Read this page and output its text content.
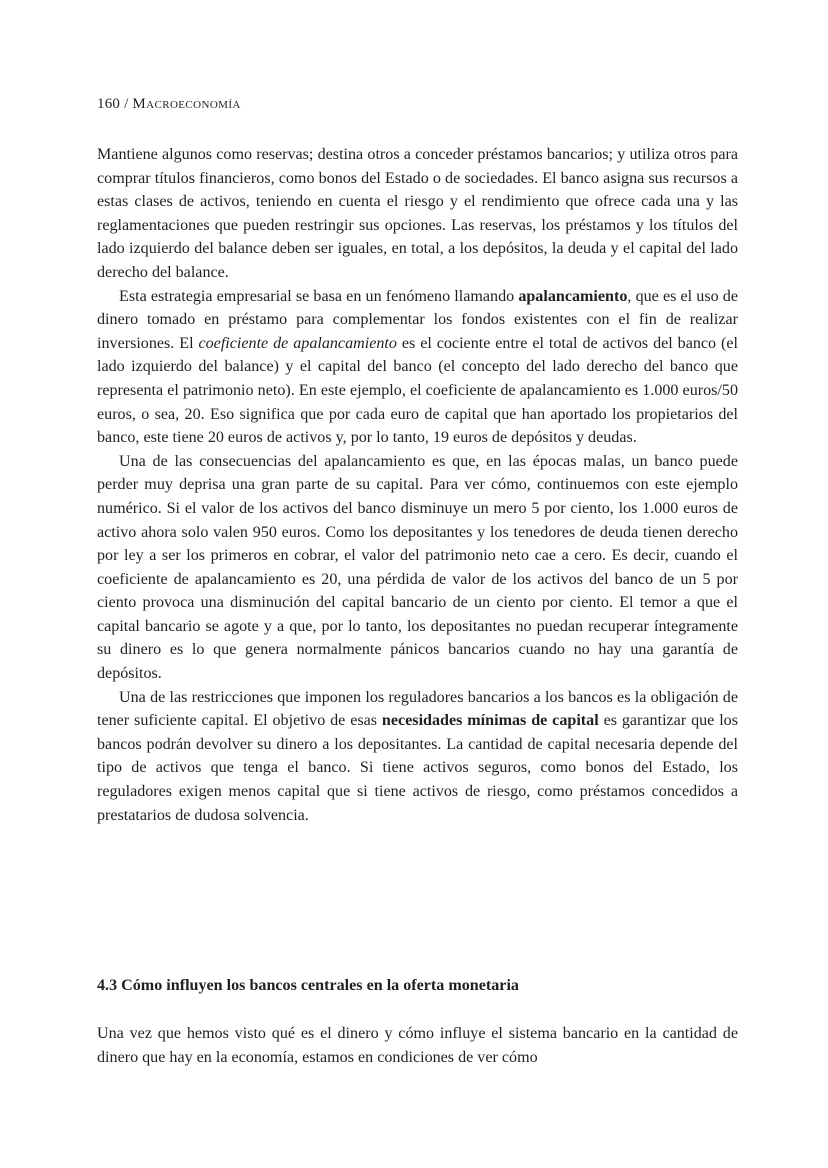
160 / Macroeconomía

Mantiene algunos como reservas; destina otros a conceder préstamos bancarios; y utiliza otros para comprar títulos financieros, como bonos del Estado o de sociedades. El banco asigna sus recursos a estas clases de activos, teniendo en cuenta el riesgo y el rendimiento que ofrece cada una y las reglamentaciones que pueden restringir sus opciones. Las reservas, los préstamos y los títulos del lado izquierdo del balance deben ser iguales, en total, a los depósitos, la deuda y el capital del lado derecho del balance.

Esta estrategia empresarial se basa en un fenómeno llamando apalancamiento, que es el uso de dinero tomado en préstamo para complementar los fondos existentes con el fin de realizar inversiones. El coeficiente de apalancamiento es el cociente entre el total de activos del banco (el lado izquierdo del balance) y el capital del banco (el concepto del lado derecho del banco que representa el patrimonio neto). En este ejemplo, el coeficiente de apalancamiento es 1.000 euros/50 euros, o sea, 20. Eso significa que por cada euro de capital que han aportado los propietarios del banco, este tiene 20 euros de activos y, por lo tanto, 19 euros de depósitos y deudas.

Una de las consecuencias del apalancamiento es que, en las épocas malas, un banco puede perder muy deprisa una gran parte de su capital. Para ver cómo, continuemos con este ejemplo numérico. Si el valor de los activos del banco disminuye un mero 5 por ciento, los 1.000 euros de activo ahora solo valen 950 euros. Como los depositantes y los tenedores de deuda tienen derecho por ley a ser los primeros en cobrar, el valor del patrimonio neto cae a cero. Es decir, cuando el coeficiente de apalancamiento es 20, una pérdida de valor de los activos del banco de un 5 por ciento provoca una disminución del capital bancario de un ciento por ciento. El temor a que el capital bancario se agote y a que, por lo tanto, los depositantes no puedan recuperar íntegramente su dinero es lo que genera normalmente pánicos bancarios cuando no hay una garantía de depósitos.

Una de las restricciones que imponen los reguladores bancarios a los bancos es la obligación de tener suficiente capital. El objetivo de esas necesidades mínimas de capital es garantizar que los bancos podrán devolver su dinero a los depositantes. La cantidad de capital necesaria depende del tipo de activos que tenga el banco. Si tiene activos seguros, como bonos del Estado, los reguladores exigen menos capital que si tiene activos de riesgo, como préstamos concedidos a prestatarios de dudosa solvencia.

4.3 Cómo influyen los bancos centrales en la oferta monetaria

Una vez que hemos visto qué es el dinero y cómo influye el sistema bancario en la cantidad de dinero que hay en la economía, estamos en condiciones de ver cómo
